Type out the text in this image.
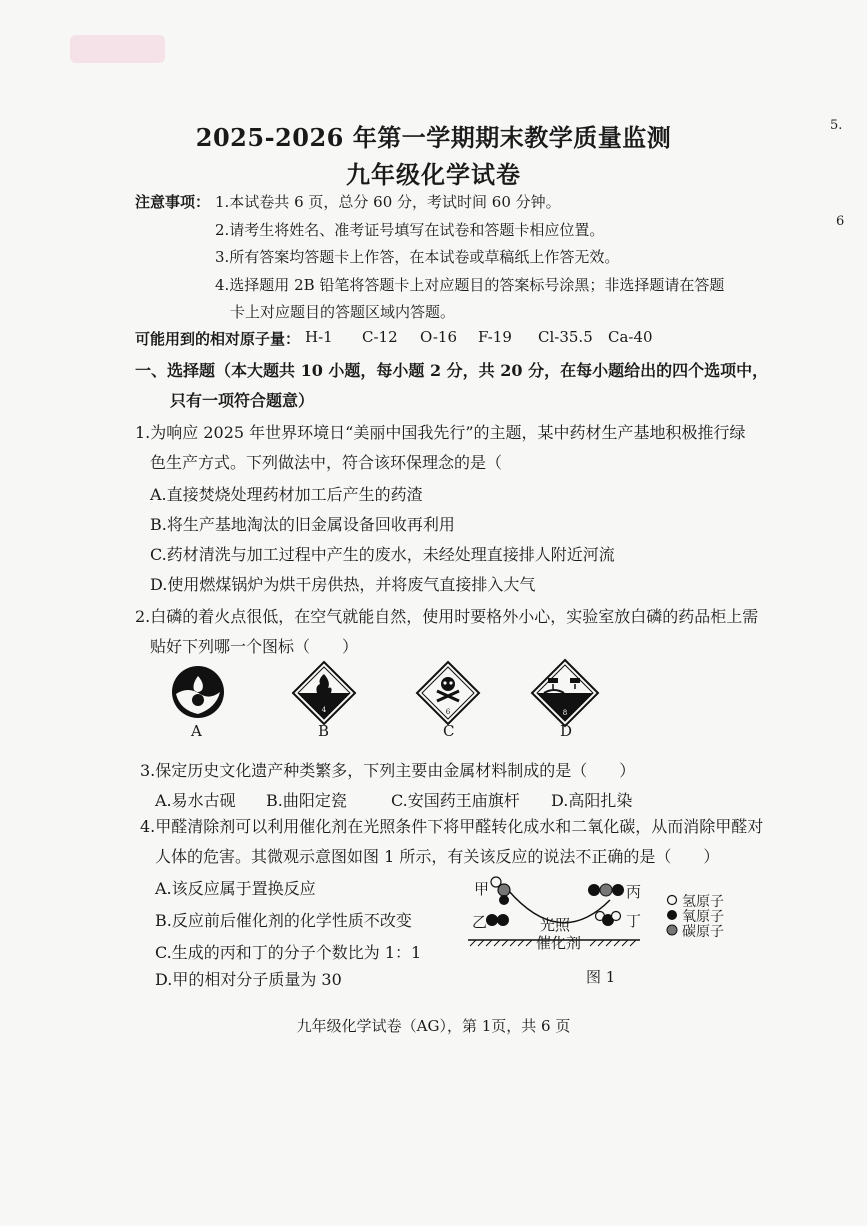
5.
6
2025-2026 年第一学期期末教学质量监测
九年级化学试卷
注意事项： 1.本试卷共 6 页，总分 60 分，考试时间 60 分钟。
2.请考生将姓名、准考证号填写在试卷和答题卡相应位置。
3.所有答案均答题卡上作答，在本试卷或草稿纸上作答无效。
4.选择题用 2B 铅笔将答题卡上对应题目的答案标号涂黑；非选择题请在答题
卡上对应题目的答题区域内答题。
可能用到的相对原子量： H-1 C-12 O-16 F-19 Cl-35.5 Ca-40
一、选择题（本大题共 10 小题，每小题 2 分，共 20 分，在每小题给出的四个选项中，
只有一项符合题意）
1.为响应 2025 年世界环境日“美丽中国我先行”的主题，某中药材生产基地积极推行绿
色生产方式。下列做法中，符合该环保理念的是（
A.直接焚烧处理药材加工后产生的药渣
B.将生产基地淘汰的旧金属设备回收再利用
C.药材清洗与加工过程中产生的废水，未经处理直接排人附近河流
D.使用燃煤锅炉为烘干房供热，并将废气直接排入大气
2.白磷的着火点很低，在空气就能自然，使用时要格外小心，实验室放白磷的药品柜上需
贴好下列哪一个图标（　　）
A
4
B
6
C
8
D
3.保定历史文化遗产种类繁多，下列主要由金属材料制成的是（　　）
A.易水古砚 B.曲阳定瓷	C.安国药王庙旗杆 D.高阳扎染
4.甲醛清除剂可以利用催化剂在光照条件下将甲醛转化成水和二氧化碳，从而消除甲醛对
人体的危害。其微观示意图如图 1 所示，有关该反应的说法不正确的是（　　）
A.该反应属于置换反应
B.反应前后催化剂的化学性质不改变
C.生成的丙和丁的分子个数比为 1：1
D.甲的相对分子质量为 30
甲
乙
丙
丁
光照
催化剂
氢原子
氧原子
碳原子
图 1
九年级化学试卷（AG），第 1页，共 6 页
